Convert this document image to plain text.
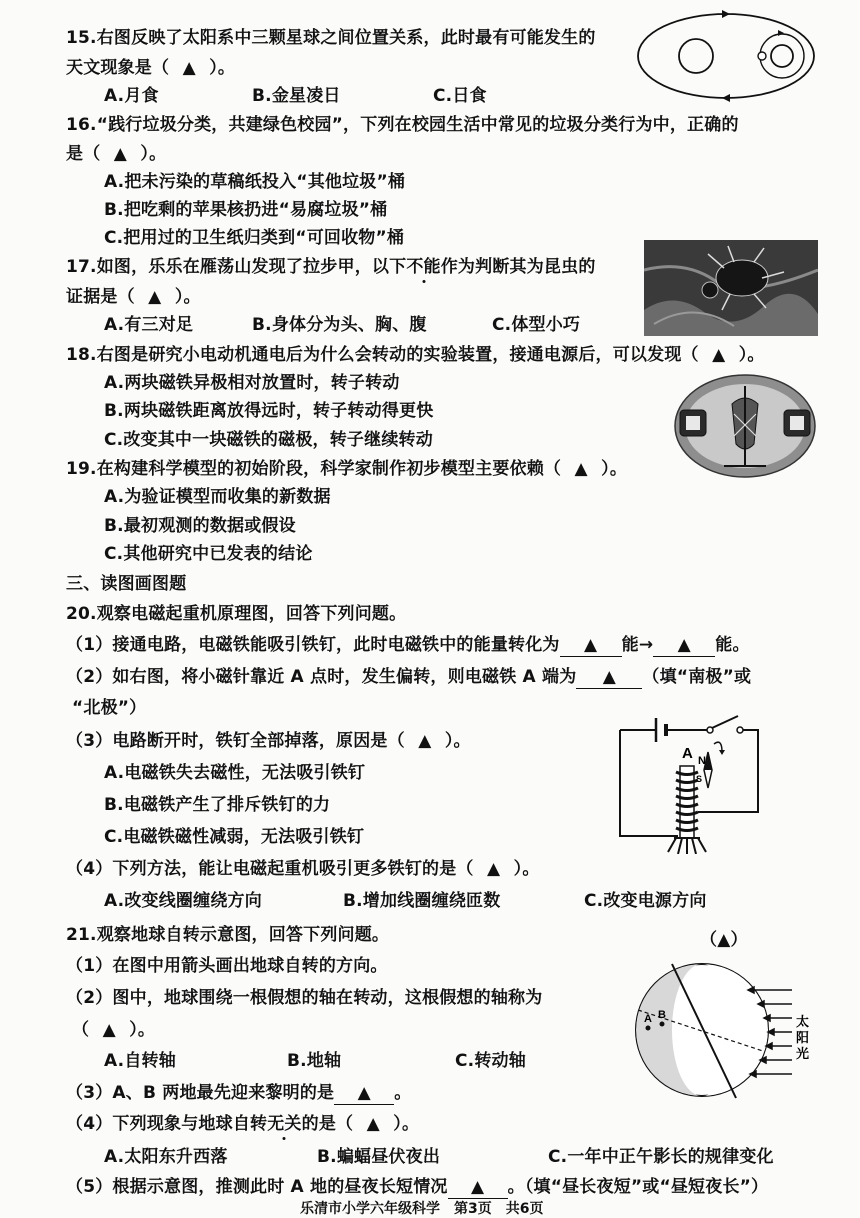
15.右图反映了太阳系中三颗星球之间位置关系，此时最有可能发生的
天文现象是（ ▲ ）。
A.月食	B.金星凌日	C.日食
16.“践行垃圾分类，共建绿色校园”，下列在校园生活中常见的垃圾分类行为中，正确的
是（ ▲ ）。
A.把未污染的草稿纸投入“其他垃圾”桶
B.把吃剩的苹果核扔进“易腐垃圾”桶
C.把用过的卫生纸归类到“可回收物”桶
17.如图，乐乐在雁荡山发现了拉步甲，以下不能作为判断其为昆虫的
证据是（ ▲ ）。
A.有三对足	B.身体分为头、胸、腹	C.体型小巧
18.右图是研究小电动机通电后为什么会转动的实验装置，接通电源后，可以发现（ ▲ ）。
A.两块磁铁异极相对放置时，转子转动
B.两块磁铁距离放得远时，转子转动得更快
C.改变其中一块磁铁的磁极，转子继续转动
19.在构建科学模型的初始阶段，科学家制作初步模型主要依赖（ ▲ ）。
A.为验证模型而收集的新数据
B.最初观测的数据或假设
C.其他研究中已发表的结论
三、读图画图题
20.观察电磁起重机原理图，回答下列问题。
（1）接通电路，电磁铁能吸引铁钉，此时电磁铁中的能量转化为 ▲ 能→ ▲ 能。
（2）如右图，将小磁针靠近 A 点时，发生偏转，则电磁铁 A 端为 ▲ （填“南极”或
“北极”）
（3）电路断开时，铁钉全部掉落，原因是（ ▲ ）。
A.电磁铁失去磁性，无法吸引铁钉
B.电磁铁产生了排斥铁钉的力
C.电磁铁磁性减弱，无法吸引铁钉
（4）下列方法，能让电磁起重机吸引更多铁钉的是（ ▲ ）。
A.改变线圈缠绕方向	B.增加线圈缠绕匝数	C.改变电源方向
A N
S
21.观察地球自转示意图，回答下列问题。	（▲）
（1）在图中用箭头画出地球自转的方向。
（2）图中，地球围绕一根假想的轴在转动，这根假想的轴称为
（ ▲ ）。
A.自转轴	B.地轴	C.转动轴
（3）A、B 两地最先迎来黎明的是 ▲ 。
（4）下列现象与地球自转无关的是（ ▲ ）。
A.太阳东升西落	B.蝙蝠昼伏夜出	C.一年中正午影长的规律变化
（5）根据示意图，推测此时 A 地的昼夜长短情况 ▲ 。（填“昼长夜短”或“昼短夜长”）
A B	太
阳
光
乐清市小学六年级科学　第3页　共6页
